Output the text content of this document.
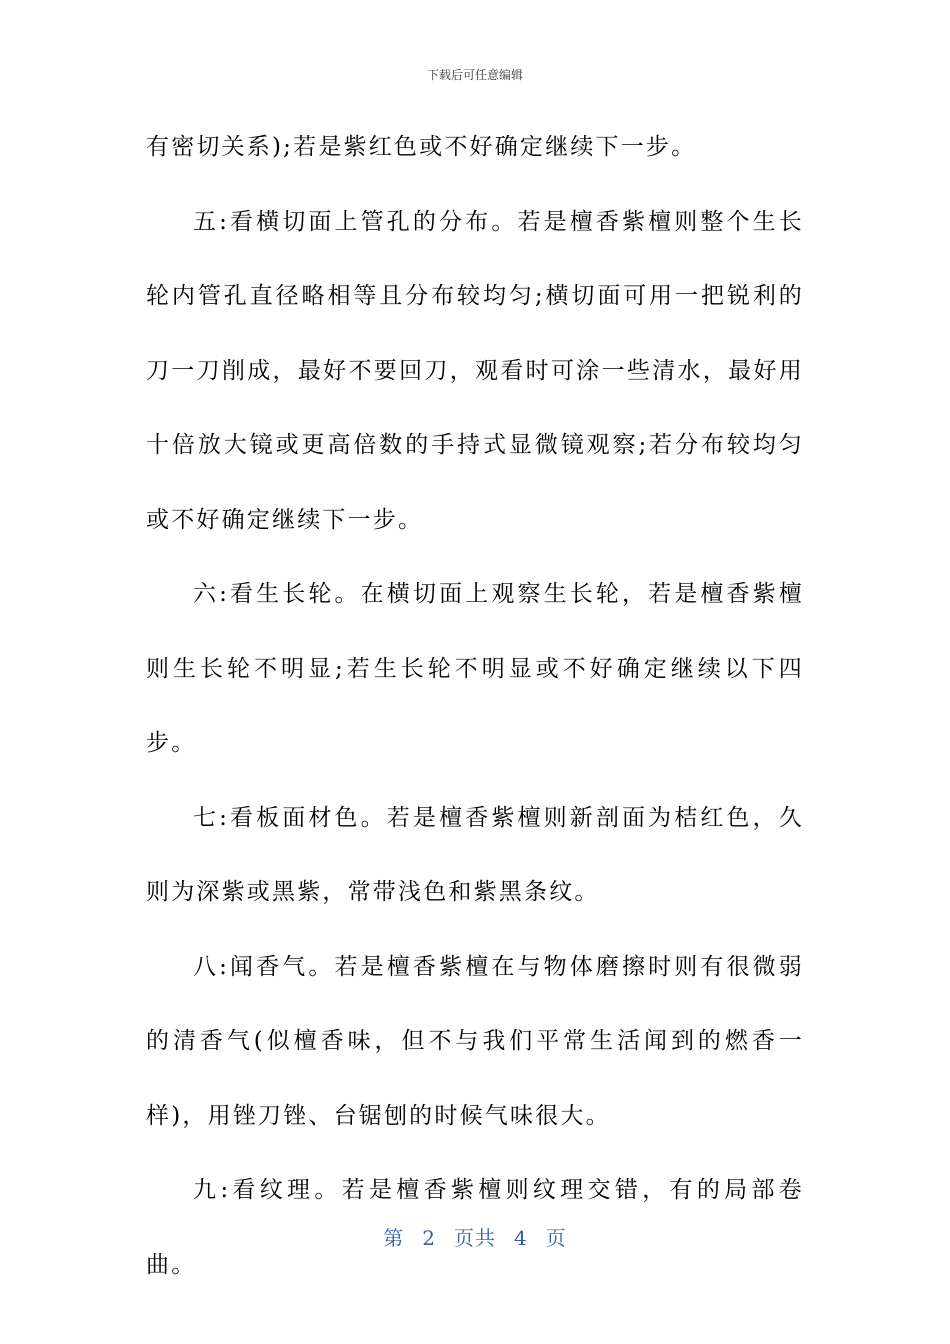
下载后可任意编辑

有密切关系);若是紫红色或不好确定继续下一步。

五:看横切面上管孔的分布。若是檀香紫檀则整个生长轮内管孔直径略相等且分布较均匀;横切面可用一把锐利的刀一刀削成，最好不要回刀，观看时可涂一些清水，最好用十倍放大镜或更高倍数的手持式显微镜观察;若分布较均匀或不好确定继续下一步。

六:看生长轮。在横切面上观察生长轮，若是檀香紫檀则生长轮不明显;若生长轮不明显或不好确定继续以下四步。

七:看板面材色。若是檀香紫檀则新剖面为桔红色，久则为深紫或黑紫，常带浅色和紫黑条纹。

八:闻香气。若是檀香紫檀在与物体磨擦时则有很微弱的清香气(似檀香味，但不与我们平常生活闻到的燃香一样)，用锉刀锉、台锯刨的时候气味很大。

九:看纹理。若是檀香紫檀则纹理交错，有的局部卷曲。

第 2 页共 4 页
